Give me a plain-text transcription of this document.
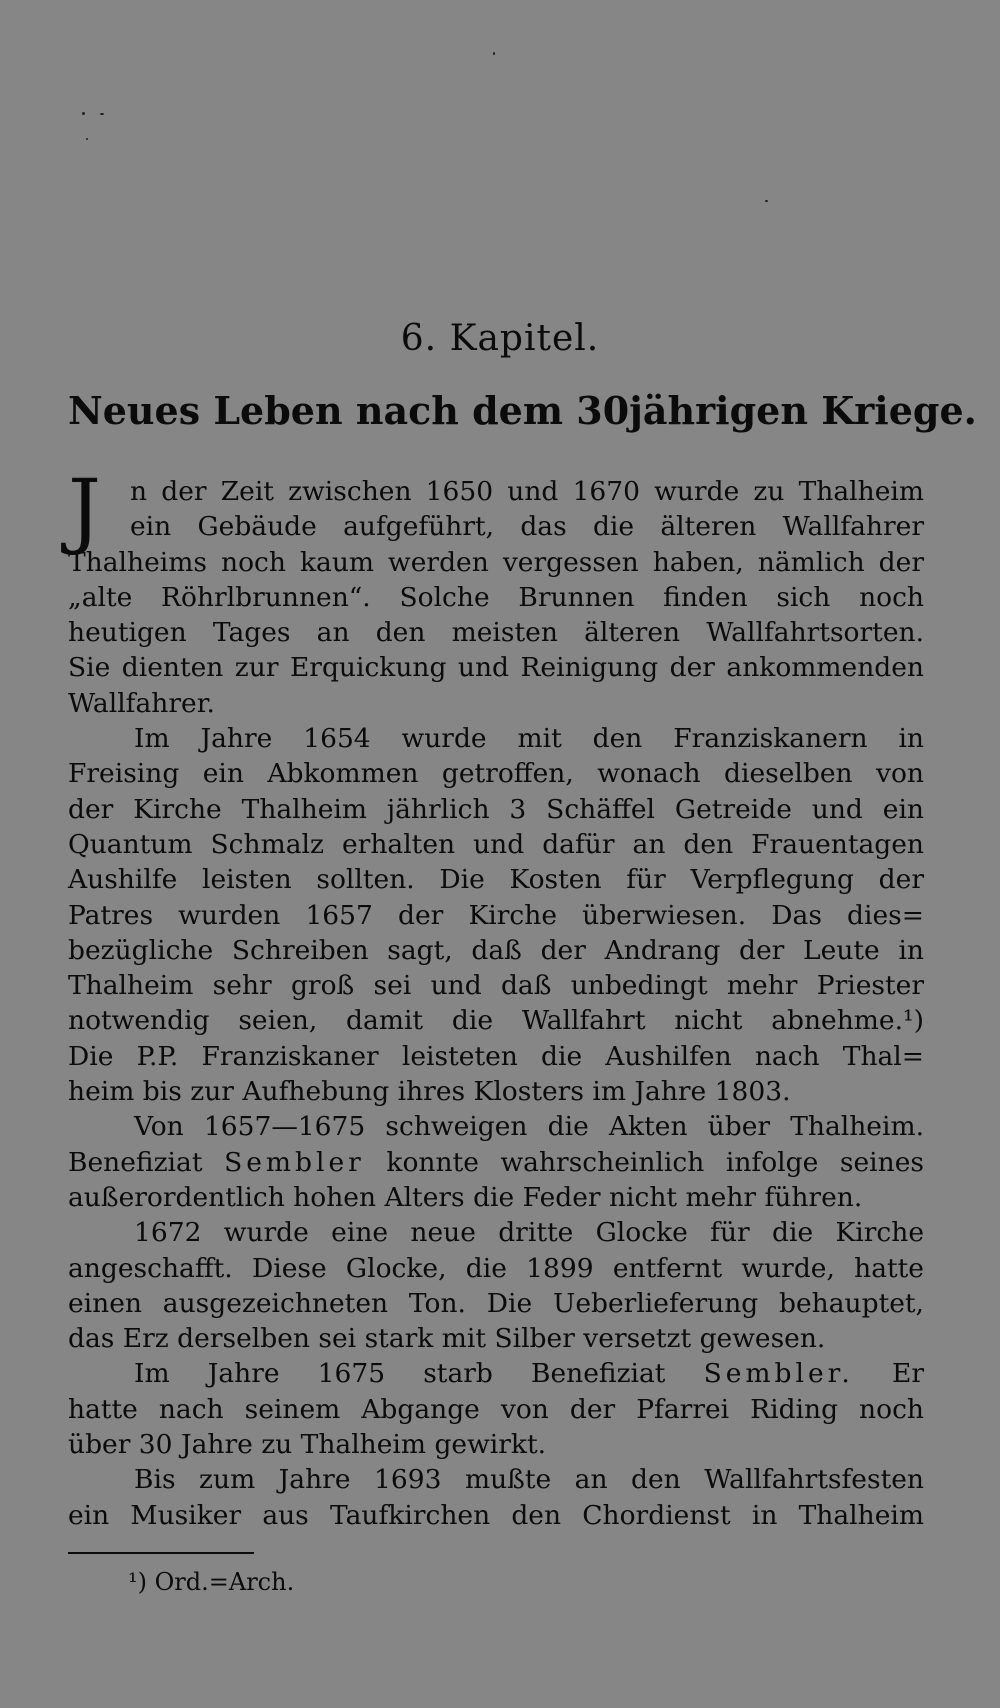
6. Kapitel.
Neues Leben nach dem 30jährigen Kriege.
J	n der Zeit zwischen 1650 und 1670 wurde zu Thalheim
ein Gebäude aufgeführt, das die älteren Wallfahrer
Thalheims noch kaum werden vergessen haben, nämlich der
„alte Röhrlbrunnen“. Solche Brunnen finden sich noch
heutigen Tages an den meisten älteren Wallfahrtsorten.
Sie dienten zur Erquickung und Reinigung der ankommenden
Wallfahrer.
Im Jahre 1654 wurde mit den Franziskanern in
Freising ein Abkommen getroffen, wonach dieselben von
der Kirche Thalheim jährlich 3 Schäffel Getreide und ein
Quantum Schmalz erhalten und dafür an den Frauentagen
Aushilfe leisten sollten. Die Kosten für Verpflegung der
Patres wurden 1657 der Kirche überwiesen. Das dies=
bezügliche Schreiben sagt, daß der Andrang der Leute in
Thalheim sehr groß sei und daß unbedingt mehr Priester
notwendig seien, damit die Wallfahrt nicht abnehme.¹)
Die P.P. Franziskaner leisteten die Aushilfen nach Thal=
heim bis zur Aufhebung ihres Klosters im Jahre 1803.
Von 1657—1675 schweigen die Akten über Thalheim.
Benefiziat Sembler konnte wahrscheinlich infolge seines
außerordentlich hohen Alters die Feder nicht mehr führen.
1672 wurde eine neue dritte Glocke für die Kirche
angeschafft. Diese Glocke, die 1899 entfernt wurde, hatte
einen ausgezeichneten Ton. Die Ueberlieferung behauptet,
das Erz derselben sei stark mit Silber versetzt gewesen.
Im Jahre 1675 starb Benefiziat Sembler. Er
hatte nach seinem Abgange von der Pfarrei Riding noch
über 30 Jahre zu Thalheim gewirkt.
Bis zum Jahre 1693 mußte an den Wallfahrtsfesten
ein Musiker aus Taufkirchen den Chordienst in Thalheim
¹) Ord.=Arch.
